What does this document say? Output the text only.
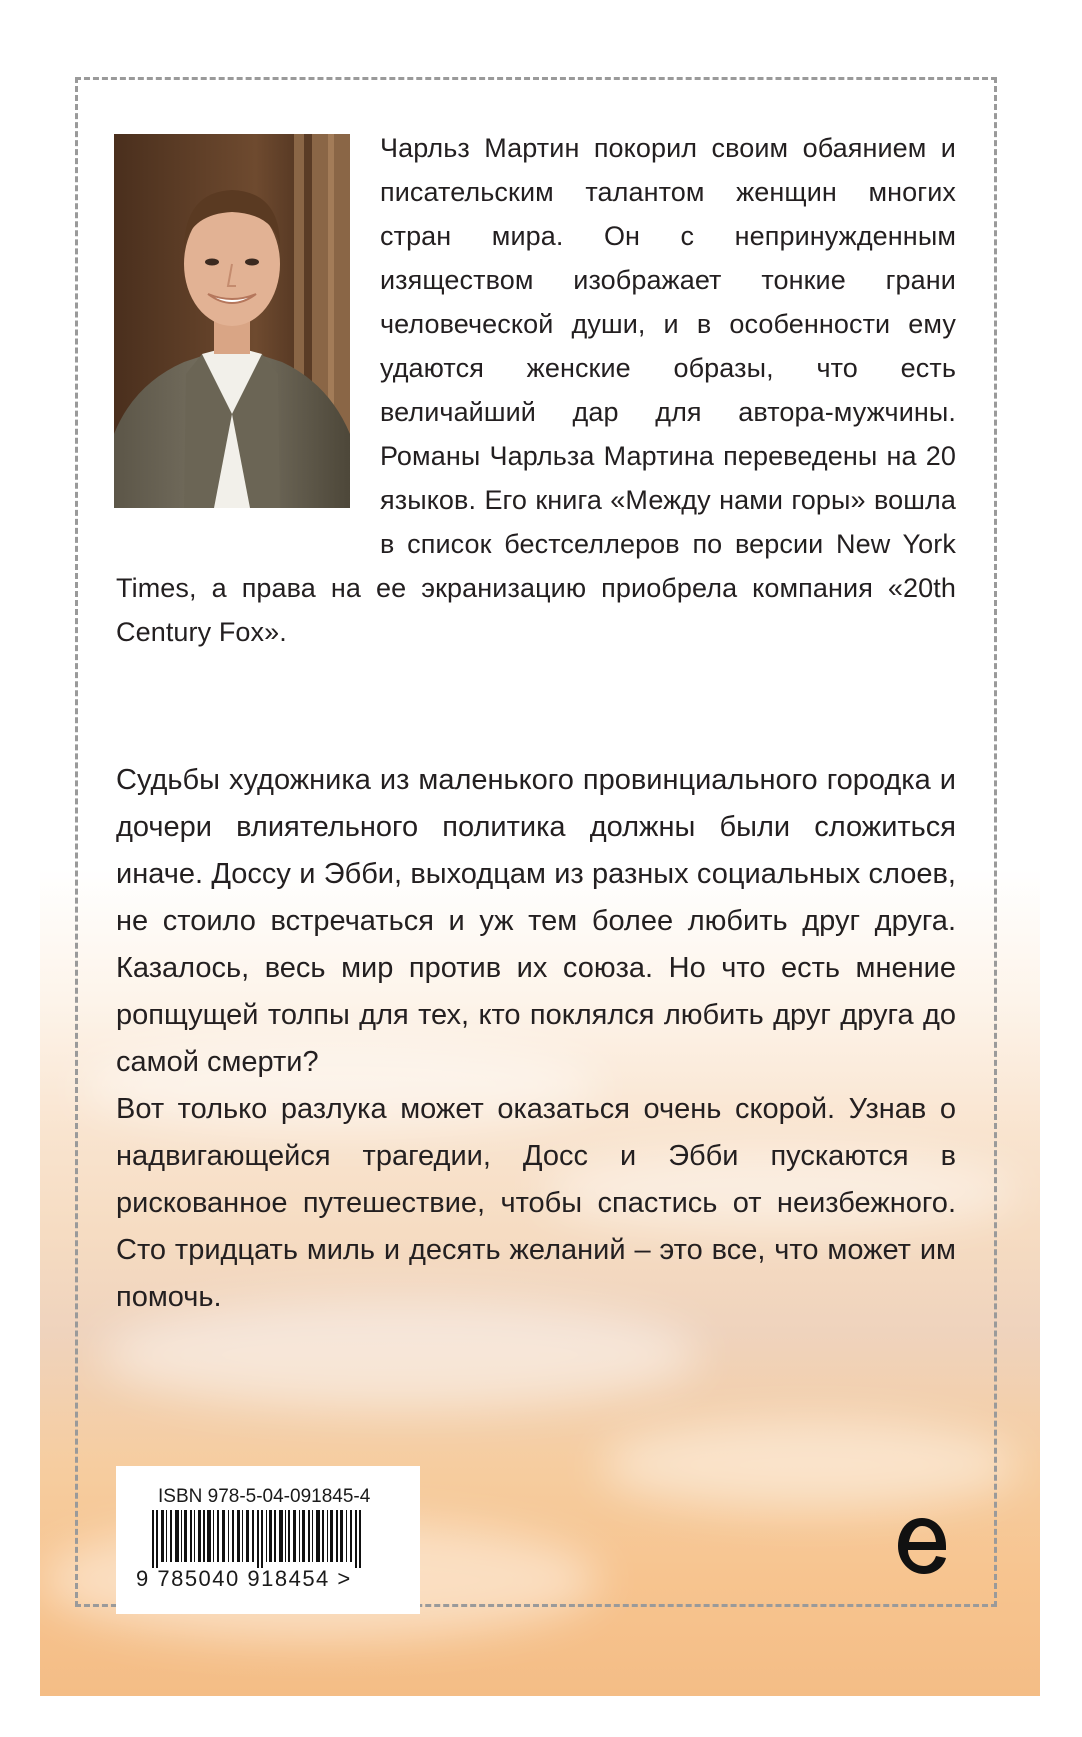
Чарльз Мартин покорил своим обаянием и писательским талантом женщин многих стран мира. Он с непринужденным изяществом изображает тонкие грани человеческой души, и в особенности ему удаются женские образы, что есть величайший дар для автора-мужчины. Романы Чарльза Мартина переведены на 20 языков. Его книга «Между нами горы» вошла в список бестселлеров по версии New York Times, а права на ее экранизацию приобрела компания «20th Century Fox».

Судьбы художника из маленького провинциального городка и дочери влиятельного политика должны были сложиться иначе. Доссу и Эбби, выходцам из разных социальных слоев, не стоило встречаться и уж тем более любить друг друга. Казалось, весь мир против их союза. Но что есть мнение ропщущей толпы для тех, кто поклялся любить друг друга до самой смерти?

Вот только разлука может оказаться очень скорой. Узнав о надвигающейся трагедии, Досс и Эбби пускаются в рискованное путешествие, чтобы спастись от неизбежного. Сто тридцать миль и десять желаний – это все, что может им помочь.

ISBN 978-5-04-091845-4
9 785040 918454 >
